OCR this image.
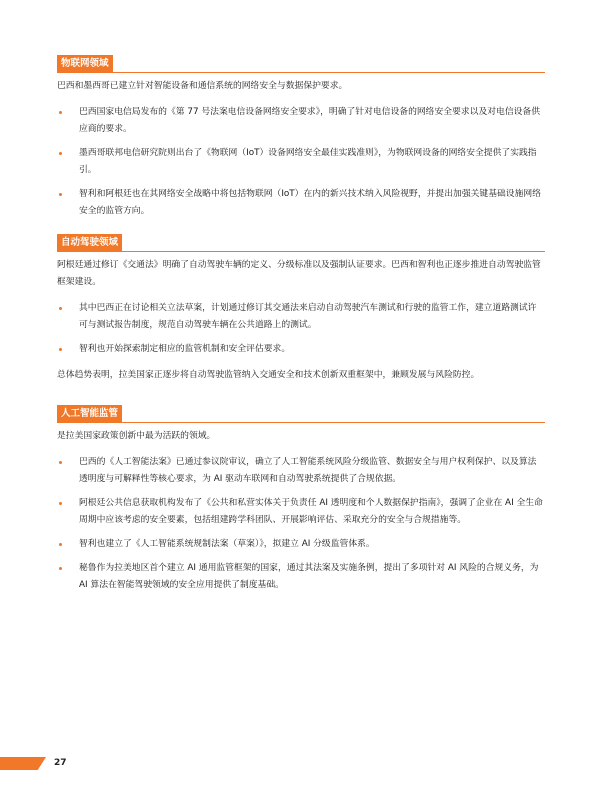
物联网领域

巴西和墨西哥已建立针对智能设备和通信系统的网络安全与数据保护要求。

巴西国家电信局发布的《第 77 号法案电信设备网络安全要求》，明确了针对电信设备的网络安全要求以及对电信设备供应商的要求。
墨西哥联邦电信研究院则出台了《物联网（IoT）设备网络安全最佳实践准则》，为物联网设备的网络安全提供了实践指引。
智利和阿根廷也在其网络安全战略中将包括物联网（IoT）在内的新兴技术纳入风险视野，并提出加强关键基础设施网络安全的监管方向。
自动驾驶领域

阿根廷通过修订《交通法》明确了自动驾驶车辆的定义、分级标准以及强制认证要求。巴西和智利也正逐步推进自动驾驶监管框架建设。

其中巴西正在讨论相关立法草案，计划通过修订其交通法来启动自动驾驶汽车测试和行驶的监管工作，建立道路测试许可与测试报告制度，规范自动驾驶车辆在公共道路上的测试。
智利也开始探索制定相应的监管机制和安全评估要求。

总体趋势表明，拉美国家正逐步将自动驾驶监管纳入交通安全和技术创新双重框架中，兼顾发展与风险防控。

人工智能监管

是拉美国家政策创新中最为活跃的领域。

巴西的《人工智能法案》已通过参议院审议，确立了人工智能系统风险分级监管、数据安全与用户权利保护、以及算法透明度与可解释性等核心要求，为 AI 驱动车联网和自动驾驶系统提供了合规依据。
阿根廷公共信息获取机构发布了《公共和私营实体关于负责任 AI 透明度和个人数据保护指南》，强调了企业在 AI 全生命周期中应该考虑的安全要素，包括组建跨学科团队、开展影响评估、采取充分的安全与合规措施等。
智利也建立了《人工智能系统规制法案（草案）》，拟建立 AI 分级监管体系。
秘鲁作为拉美地区首个建立 AI 通用监管框架的国家，通过其法案及实施条例，提出了多项针对 AI 风险的合规义务，为 AI 算法在智能驾驶领域的安全应用提供了制度基础。
27
